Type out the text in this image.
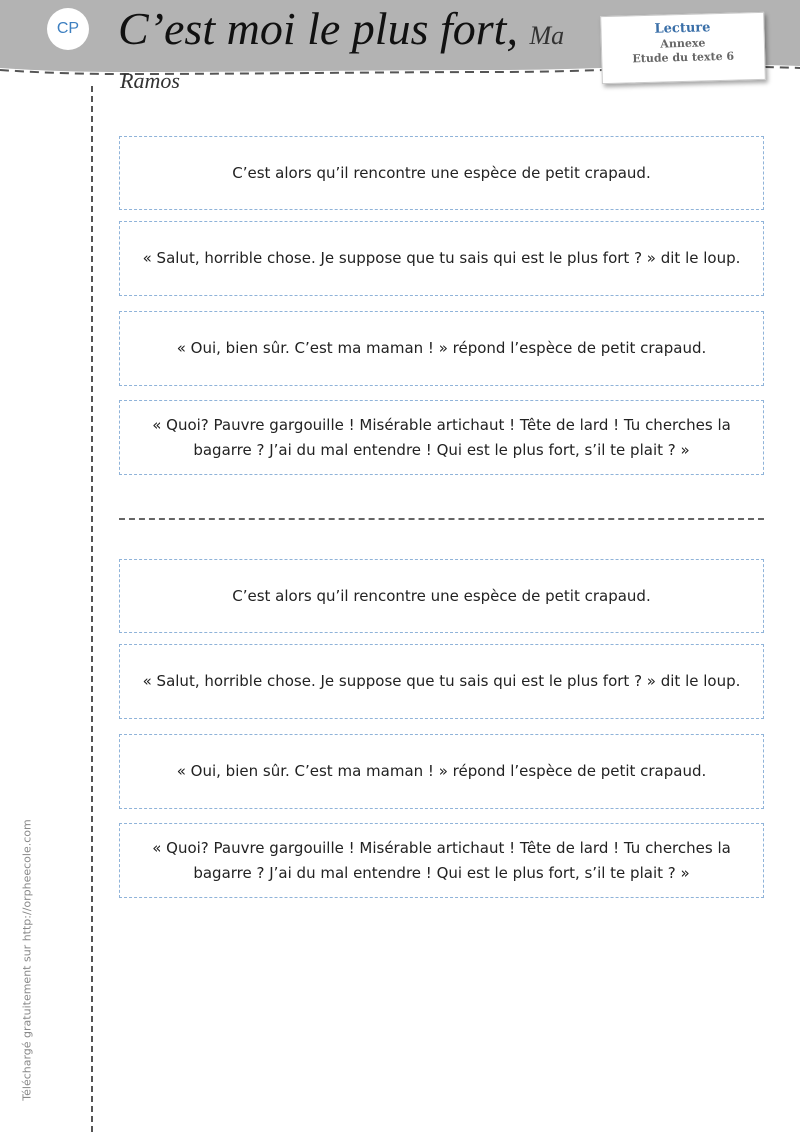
CP C’est moi le plus fort, Ma
Ramos
Lecture
Annexe
Etude du texte 6
Téléchargé gratuitement sur http://orpheecole.com
C’est alors qu’il rencontre une espèce de petit crapaud.
« Salut, horrible chose. Je suppose que tu sais qui est le plus fort ? » dit le loup.
« Oui, bien sûr. C’est ma maman ! » répond l’espèce de petit crapaud.
« Quoi? Pauvre gargouille ! Misérable artichaut ! Tête de lard ! Tu cherches la bagarre ? J’ai du mal entendre ! Qui est le plus fort, s’il te plait ? »
C’est alors qu’il rencontre une espèce de petit crapaud.
« Salut, horrible chose. Je suppose que tu sais qui est le plus fort ? » dit le loup.
« Oui, bien sûr. C’est ma maman ! » répond l’espèce de petit crapaud.
« Quoi? Pauvre gargouille ! Misérable artichaut ! Tête de lard ! Tu cherches la bagarre ? J’ai du mal entendre ! Qui est le plus fort, s’il te plait ? »
